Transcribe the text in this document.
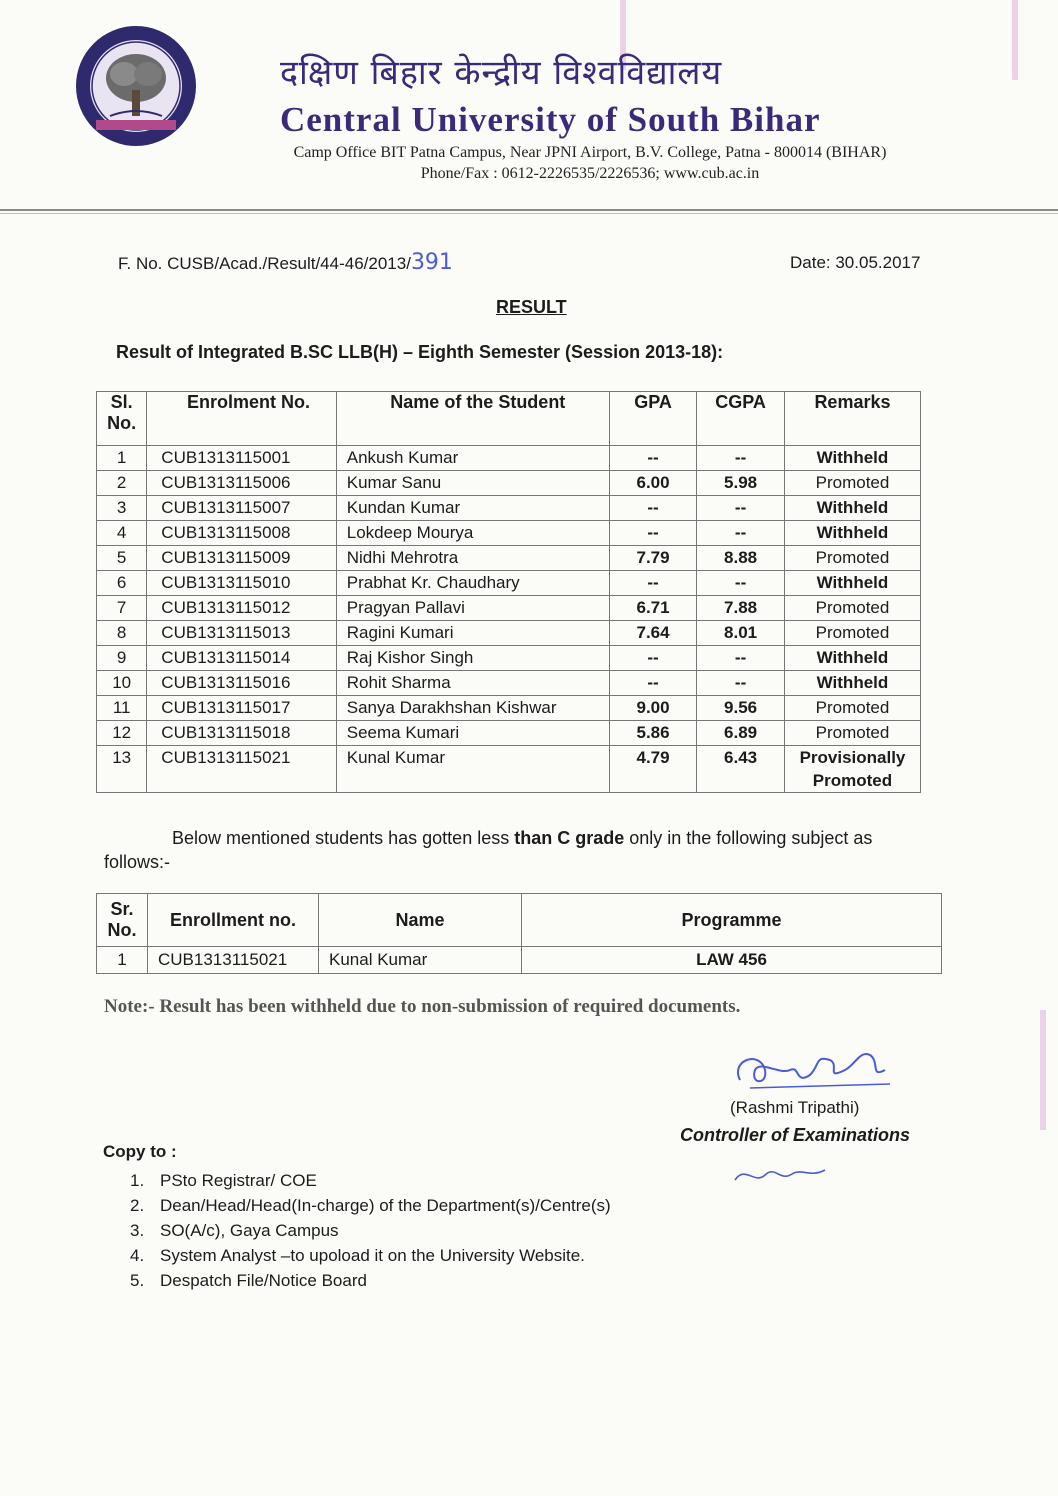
दक्षिण बिहार केन्द्रीय विश्वविद्यालय
Central University of South Bihar
Camp Office BIT Patna Campus, Near JPNI Airport, B.V. College, Patna - 800014 (BIHAR)
Phone/Fax : 0612-2226535/2226536; www.cub.ac.in
F. No. CUSB/Acad./Result/44-46/2013/391	Date: 30.05.2017
RESULT
Result of Integrated B.SC LLB(H) – Eighth Semester (Session 2013-18):
Sl. No.	Enrolment No.	Name of the Student	GPA	CGPA	Remarks
1	CUB1313115001	Ankush Kumar	--	--	Withheld
2	CUB1313115006	Kumar Sanu	6.00	5.98	Promoted
3	CUB1313115007	Kundan Kumar	--	--	Withheld
4	CUB1313115008	Lokdeep Mourya	--	--	Withheld
5	CUB1313115009	Nidhi Mehrotra	7.79	8.88	Promoted
6	CUB1313115010	Prabhat Kr. Chaudhary	--	--	Withheld
7	CUB1313115012	Pragyan Pallavi	6.71	7.88	Promoted
8	CUB1313115013	Ragini Kumari	7.64	8.01	Promoted
9	CUB1313115014	Raj Kishor Singh	--	--	Withheld
10	CUB1313115016	Rohit Sharma	--	--	Withheld
11	CUB1313115017	Sanya Darakhshan Kishwar	9.00	9.56	Promoted
12	CUB1313115018	Seema Kumari	5.86	6.89	Promoted
13	CUB1313115021	Kunal Kumar	4.79	6.43	Provisionally Promoted
Below mentioned students has gotten less than C grade only in the following subject as follows:-
Sr. No.	Enrollment no.	Name	Programme
1	CUB1313115021	Kunal Kumar	LAW 456
Note:- Result has been withheld due to non-submission of required documents.
(Rashmi Tripathi)
Controller of Examinations
Copy to :
1. PSto Registrar/ COE
2. Dean/Head/Head(In-charge) of the Department(s)/Centre(s)
3. SO(A/c), Gaya Campus
4. System Analyst –to upoload it on the University Website.
5. Despatch File/Notice Board
